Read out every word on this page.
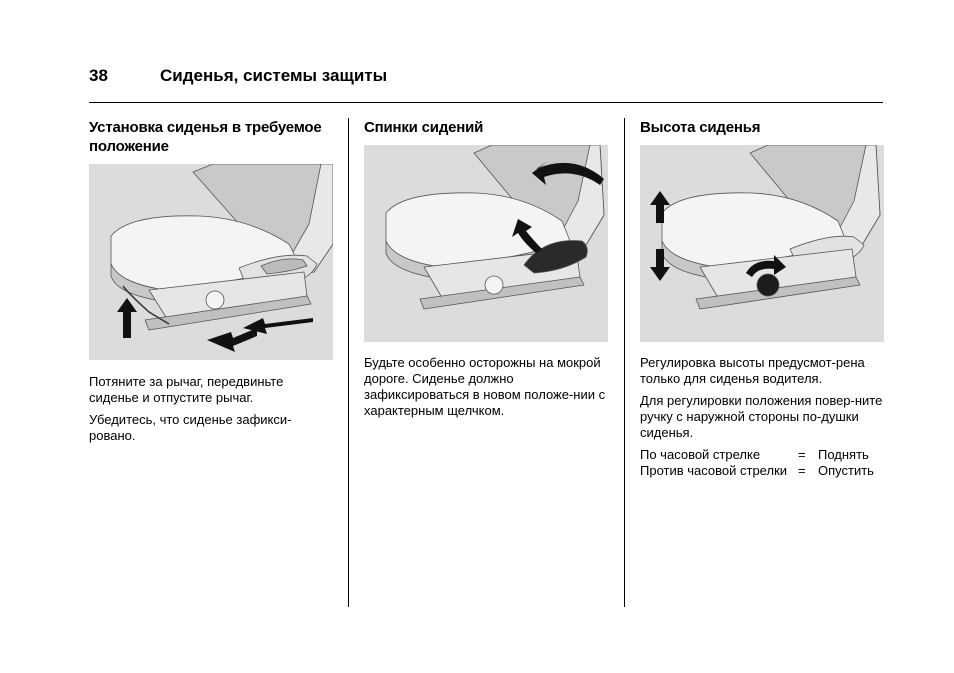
38	Сиденья, системы защиты
Установка сиденья в требуемое положение

Потяните за рычаг, передвиньте сиденье и отпустите рычаг.

Убедитесь, что сиденье зафикси-ровано.

Спинки сидений

Будьте особенно осторожны на мокрой дороге. Сиденье должно зафиксироваться в новом положе-нии с характерным щелчком.

Высота сиденья

Регулировка высоты предусмот-рена только для сиденья водителя.

Для регулировки положения повер-ните ручку с наружной стороны по-душки сиденья.

По часовой стрелке	=	Поднять
Против часовой стрелки	=	Опустить
